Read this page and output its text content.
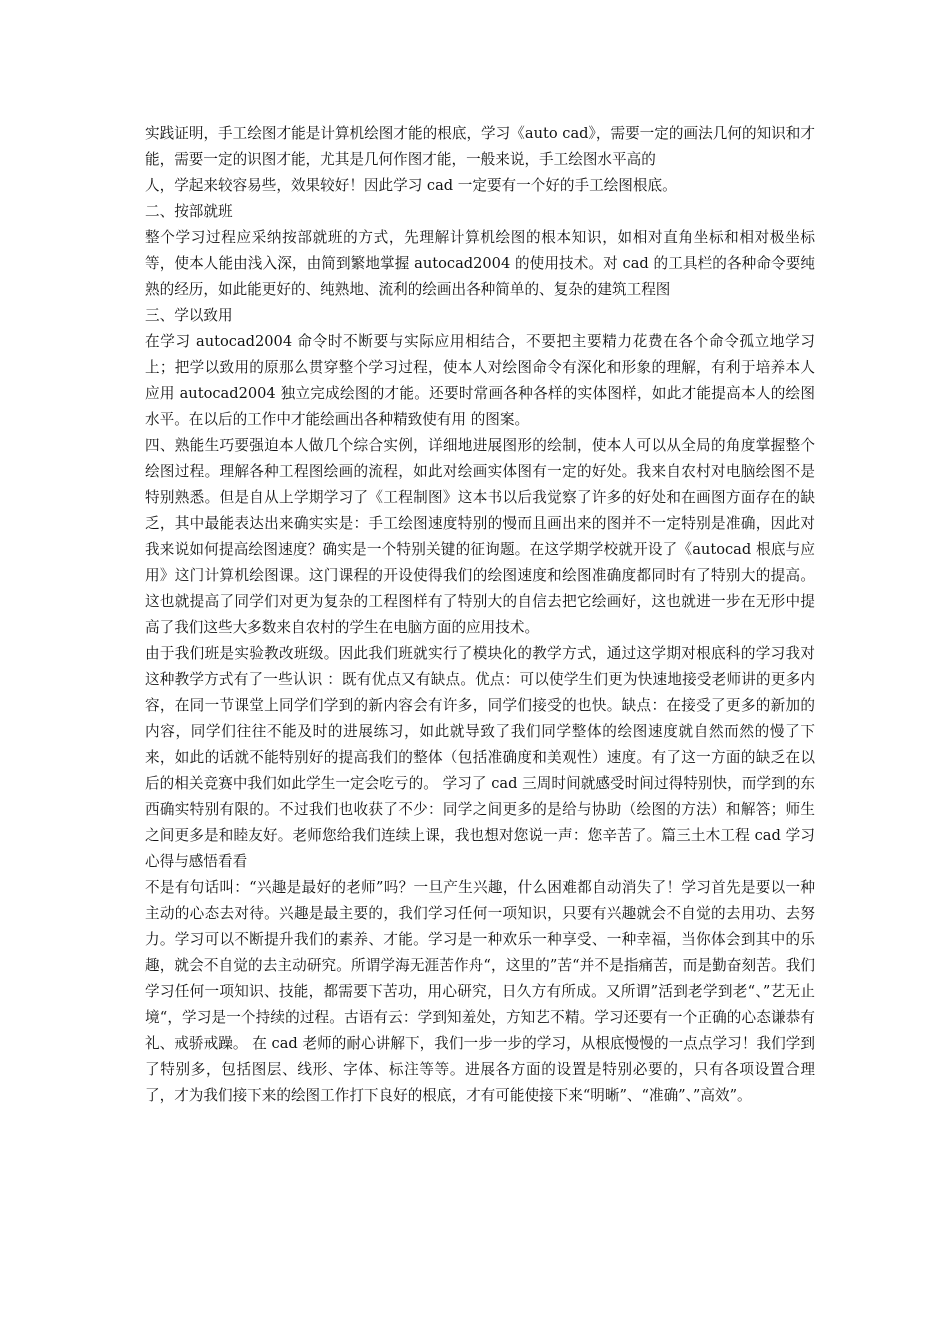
实践证明，手工绘图才能是计算机绘图才能的根底，学习《auto cad》，需要一定的画法几何的知识和才能，需要一定的识图才能，尤其是几何作图才能，一般来说，手工绘图水平高的

人，学起来较容易些，效果较好！因此学习 cad 一定要有一个好的手工绘图根底。

二、按部就班

整个学习过程应采纳按部就班的方式，先理解计算机绘图的根本知识，如相对直角坐标和相对极坐标等，使本人能由浅入深，由简到繁地掌握 autocad2004 的使用技术。对 cad 的工具栏的各种命令要纯熟的经历，如此能更好的、纯熟地、流利的绘画出各种简单的、复杂的建筑工程图

三、学以致用

在学习 autocad2004 命令时不断要与实际应用相结合，不要把主要精力花费在各个命令孤立地学习上；把学以致用的原那么贯穿整个学习过程，使本人对绘图命令有深化和形象的理解，有利于培养本人应用 autocad2004 独立完成绘图的才能。还要时常画各种各样的实体图样，如此才能提高本人的绘图水平。在以后的工作中才能绘画出各种精致使有用 的图案。

四、熟能生巧要强迫本人做几个综合实例，详细地进展图形的绘制，使本人可以从全局的角度掌握整个绘图过程。理解各种工程图绘画的流程，如此对绘画实体图有一定的好处。我来自农村对电脑绘图不是特别熟悉。但是自从上学期学习了《工程制图》这本书以后我觉察了许多的好处和在画图方面存在的缺乏，其中最能表达出来确实实是：手工绘图速度特别的慢而且画出来的图并不一定特别是准确，因此对我来说如何提高绘图速度？确实是一个特别关键的征询题。在这学期学校就开设了《autocad 根底与应用》这门计算机绘图课。这门课程的开设使得我们的绘图速度和绘图准确度都同时有了特别大的提高。这也就提高了同学们对更为复杂的工程图样有了特别大的自信去把它绘画好，这也就进一步在无形中提高了我们这些大多数来自农村的学生在电脑方面的应用技术。

由于我们班是实验教改班级。因此我们班就实行了模块化的教学方式，通过这学期对根底科的学习我对这种教学方式有了一些认识 ：既有优点又有缺点。优点：可以使学生们更为快速地接受老师讲的更多内容，在同一节课堂上同学们学到的新内容会有许多，同学们接受的也快。缺点：在接受了更多的新加的内容，同学们往往不能及时的进展练习，如此就导致了我们同学整体的绘图速度就自然而然的慢了下来，如此的话就不能特别好的提高我们的整体（包括准确度和美观性）速度。有了这一方面的缺乏在以后的相关竞赛中我们如此学生一定会吃亏的。 学习了 cad 三周时间就感受时间过得特别快，而学到的东西确实特别有限的。不过我们也收获了不少：同学之间更多的是给与协助（绘图的方法）和解答；师生之间更多是和睦友好。老师您给我们连续上课，我也想对您说一声：您辛苦了。篇三土木工程 cad 学习心得与感悟看看

不是有句话叫：“兴趣是最好的老师”吗？一旦产生兴趣，什么困难都自动消失了！学习首先是要以一种主动的心态去对待。兴趣是最主要的，我们学习任何一项知识，只要有兴趣就会不自觉的去用功、去努力。学习可以不断提升我们的素养、才能。学习是一种欢乐一种享受、一种幸福，当你体会到其中的乐趣，就会不自觉的去主动研究。所谓学海无涯苦作舟“，这里的”苦“并不是指痛苦，而是勤奋刻苦。我们学习任何一项知识、技能，都需要下苦功，用心研究，日久方有所成。又所谓”活到老学到老“、”艺无止境“，学习是一个持续的过程。古语有云：学到知羞处，方知艺不精。学习还要有一个正确的心态谦恭有礼、戒骄戒躁。 在 cad 老师的耐心讲解下，我们一步一步的学习，从根底慢慢的一点点学习！我们学到了特别多，包括图层、线形、字体、标注等等。进展各方面的设置是特别必要的，只有各项设置合理了，才为我们接下来的绘图工作打下良好的根底，才有可能使接下来“明晰”、“准确”、”高效”。
